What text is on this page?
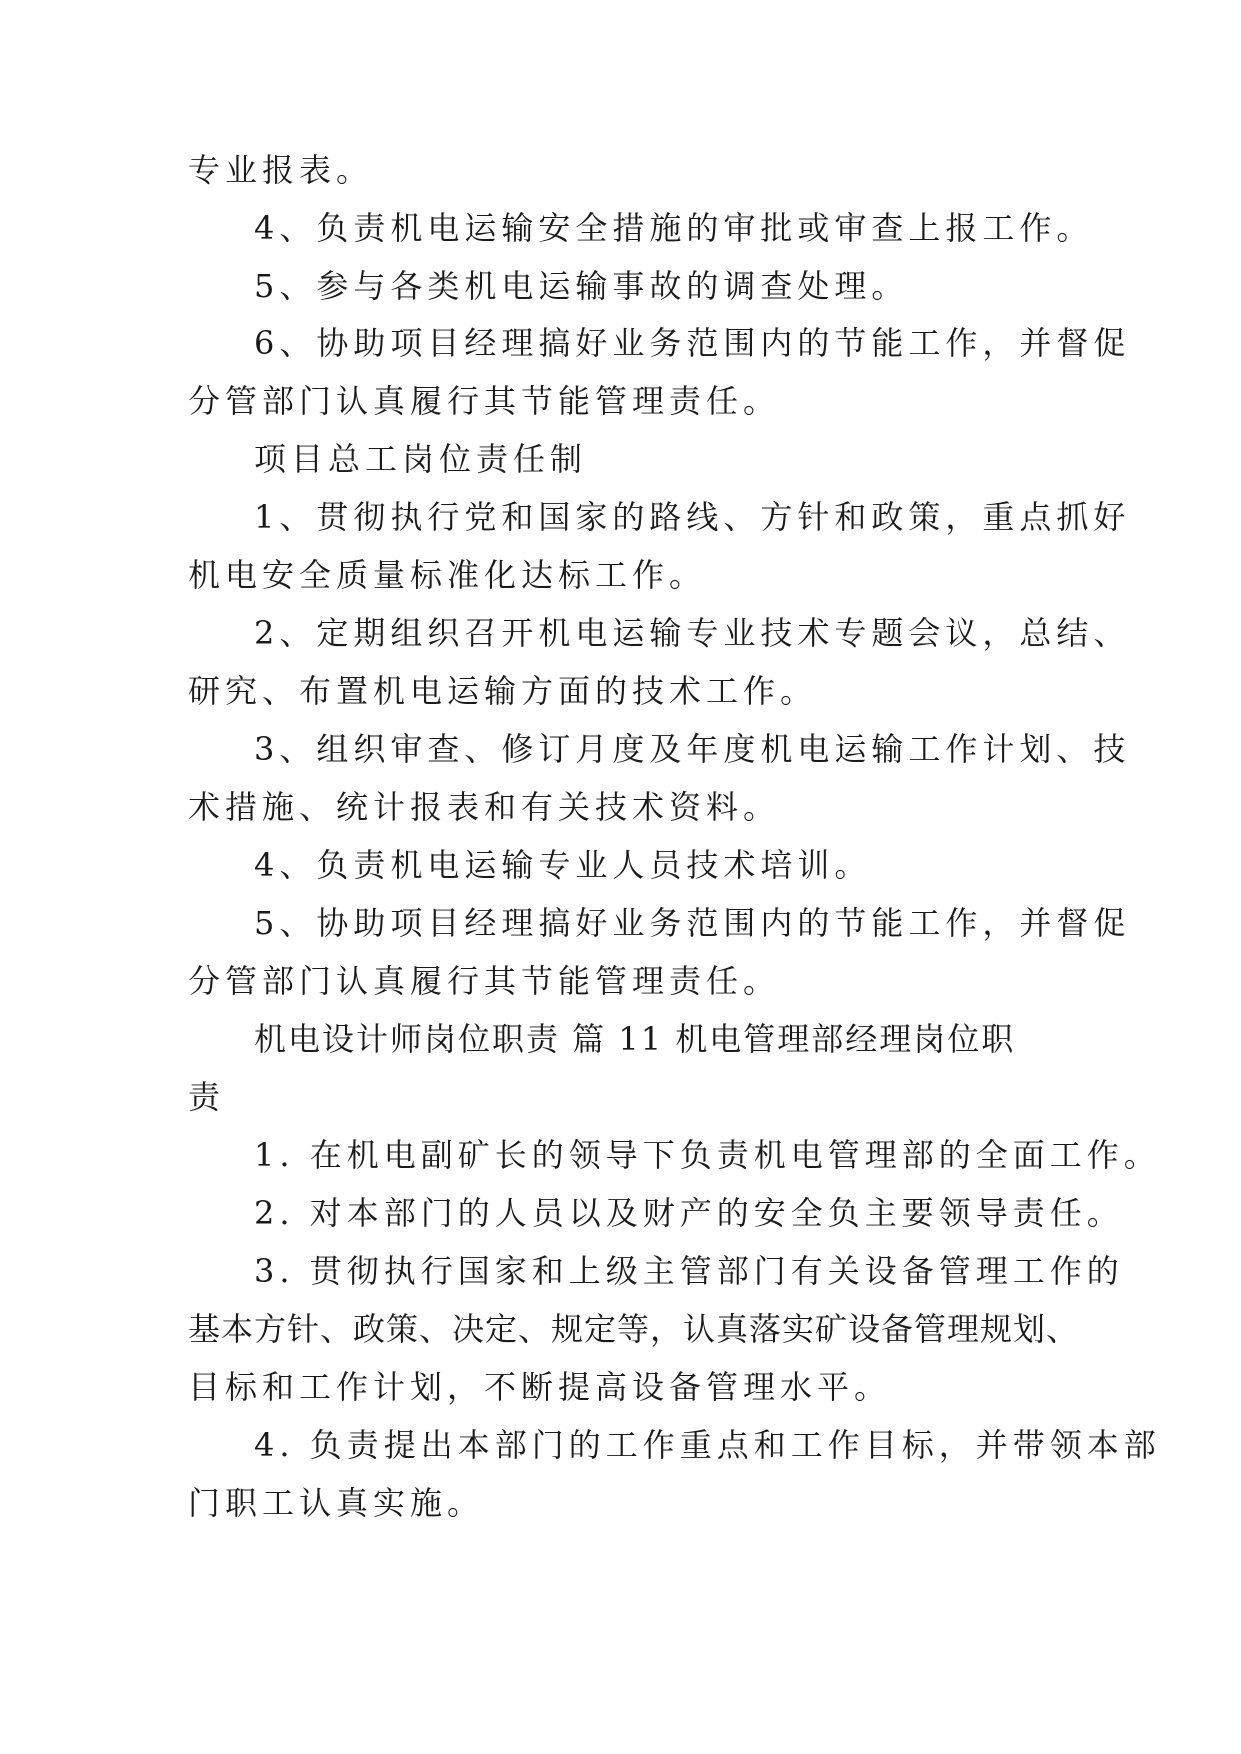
专业报表。
4、负责机电运输安全措施的审批或审查上报工作。
5、参与各类机电运输事故的调查处理。
6、协助项目经理搞好业务范围内的节能工作，并督促
分管部门认真履行其节能管理责任。
项目总工岗位责任制
1、贯彻执行党和国家的路线、方针和政策，重点抓好
机电安全质量标准化达标工作。
2、定期组织召开机电运输专业技术专题会议，总结、
研究、布置机电运输方面的技术工作。
3、组织审查、修订月度及年度机电运输工作计划、技
术措施、统计报表和有关技术资料。
4、负责机电运输专业人员技术培训。
5、协助项目经理搞好业务范围内的节能工作，并督促
分管部门认真履行其节能管理责任。
机电设计师岗位职责 篇 11 机电管理部经理岗位职
责
1. 在机电副矿长的领导下负责机电管理部的全面工作。
2. 对本部门的人员以及财产的安全负主要领导责任。
3. 贯彻执行国家和上级主管部门有关设备管理工作的
基本方针、政策、决定、规定等，认真落实矿设备管理规划、
目标和工作计划，不断提高设备管理水平。
4. 负责提出本部门的工作重点和工作目标，并带领本部
门职工认真实施。
